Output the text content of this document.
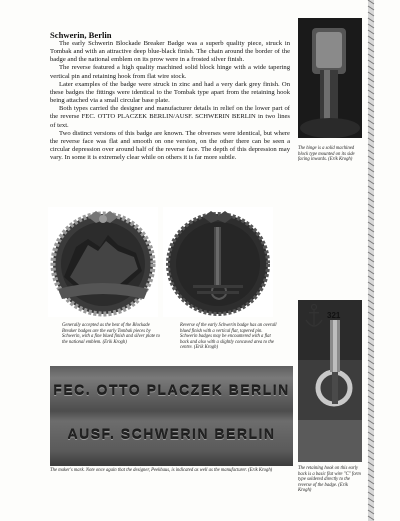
Schwerin, Berlin

The early Schwerin Blockade Breaker Badge was a superb quality piece, struck in Tombak and with an attractive deep blue-black finish. The chain around the border of the badge and the national emblem on its prow were in a frosted silver finish.

The reverse featured a high quality machined solid block hinge with a wide tapering vertical pin and retaining hook from flat wire stock.

Later examples of the badge were struck in zinc and had a very dark grey finish. On these badges the fittings were identical to the Tombak type apart from the retaining hook being attached via a small circular base plate.

Both types carried the designer and manufacturer details in relief on the lower part of the reverse FEC. OTTO PLACZEK BERLIN/AUSF. SCHWERIN BERLIN in two lines of text.

Two distinct versions of this badge are known. The obverses were identical, but where the reverse face was flat and smooth on one version, on the other there can be seen a circular depression over around half of the reverse face. The depth of this depression may vary. In some it is extremely clear while on others it is far more subtle.

The hinge is a solid machined block type mounted on its side facing inwards. (Erik Krogh)
Generally accepted as the best of the Blockade Breaker badges are the early Tombak pieces by Schwerin, with a fine blued finish and silver plate to the national emblem. (Erik Krogh)
Reverse of the early Schwerin badge has an overall blued finish with a vertical flat, tapered pin. Schwerin badges may be encountered with a flat back and also with a slightly concaved area to the centre. (Erik Krogh)
FEC. OTTO PLACZEK BERLIN
AUSF. SCHWERIN BERLIN
The maker's mark. Note once again that the designer, Peekhaus, is indicated as well as the manufacturer. (Erik Krogh)	The retaining hook on this early back is a basic flat wire "C" form type soldered directly to the reverse of the badge. (Erik Krogh)
321
